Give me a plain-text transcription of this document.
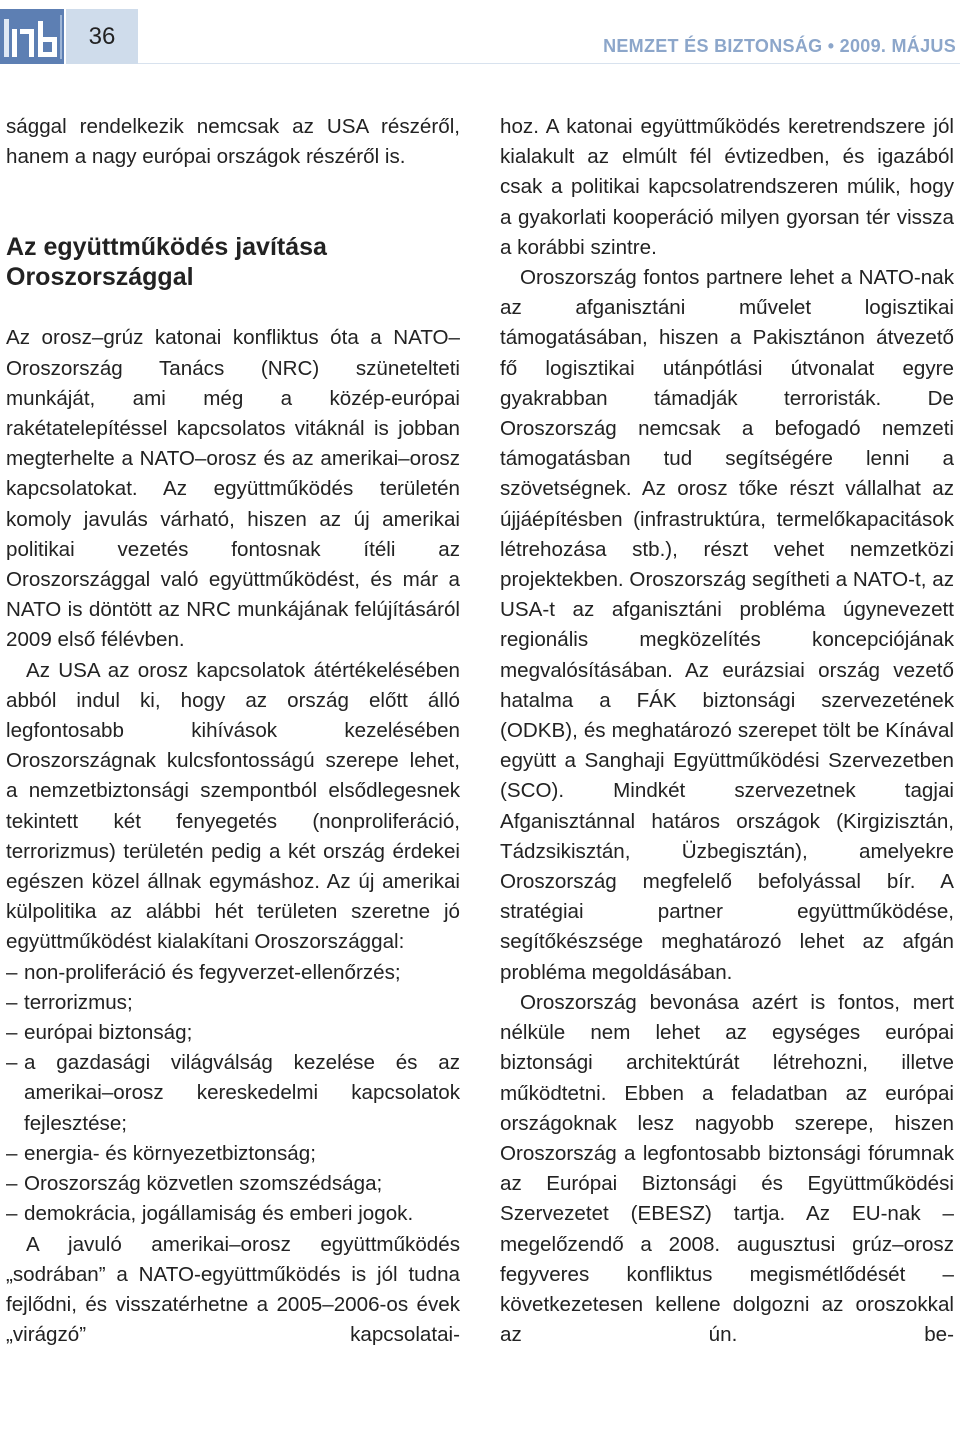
36	NEMZET ÉS BIZTONSÁG • 2009. MÁJUS

sággal rendelkezik nemcsak az USA részéről, hanem a nagy európai országok részéről is.

Az együttműködés javítása
Oroszországgal

Az orosz–grúz katonai konfliktus óta a NATO–Oroszország Tanács (NRC) szünetelteti munkáját, ami még a közép-európai rakétatelepítéssel kapcsolatos vitáknál is jobban megterhelte a NATO–orosz és az amerikai–orosz kapcsolatokat. Az együttműködés területén komoly javulás várható, hiszen az új amerikai politikai vezetés fontosnak ítéli az Oroszországgal való együttműködést, és már a NATO is döntött az NRC munkájának felújításáról 2009 első félévben.

Az USA az orosz kapcsolatok átértékelésében abból indul ki, hogy az ország előtt álló legfontosabb kihívások kezelésében Oroszországnak kulcsfontosságú szerepe lehet, a nemzetbiztonsági szempontból elsődlegesnek tekintett két fenyegetés (nonproliferáció, terrorizmus) területén pedig a két ország érdekei egészen közel állnak egymáshoz. Az új amerikai külpolitika az alábbi hét területen szeretne jó együttműködést kialakítani Oroszországgal:

– non-proliferáció és fegyverzet-ellenőrzés;
– terrorizmus;
– európai biztonság;
– a gazdasági világválság kezelése és az amerikai–orosz kereskedelmi kapcsolatok fejlesztése;
– energia- és környezetbiztonság;
– Oroszország közvetlen szomszédsága;
– demokrácia, jogállamiság és emberi jogok.

A javuló amerikai–orosz együttműködés „sodrában” a NATO-együttműködés is jól tudna fejlődni, és visszatérhetne a 2005–2006-os évek „virágzó” kapcsolatai-

hoz. A katonai együttműködés keretrendszere jól kialakult az elmúlt fél évtizedben, és igazából csak a politikai kapcsolatrendszeren múlik, hogy a gyakorlati kooperáció milyen gyorsan tér vissza a korábbi szintre.

Oroszország fontos partnere lehet a NATO-nak az afganisztáni művelet logisztikai támogatásában, hiszen a Pakisztánon átvezető fő logisztikai utánpótlási útvonalat egyre gyakrabban támadják terroristák. De Oroszország nemcsak a befogadó nemzeti támogatásban tud segítségére lenni a szövetségnek. Az orosz tőke részt vállalhat az újjáépítésben (infrastruktúra, termelőkapacitások létrehozása stb.), részt vehet nemzetközi projektekben. Oroszország segítheti a NATO-t, az USA-t az afganisztáni probléma úgynevezett regionális megközelítés koncepciójának megvalósításában. Az eurázsiai ország vezető hatalma a FÁK biztonsági szervezetének (ODKB), és meghatározó szerepet tölt be Kínával együtt a Sanghaji Együttműködési Szervezetben (SCO). Mindkét szervezetnek tagjai Afganisztánnal határos országok (Kirgizisztán, Tádzsikisztán, Üzbegisztán), amelyekre Oroszország megfelelő befolyással bír. A stratégiai partner együttműködése, segítőkészsége meghatározó lehet az afgán probléma megoldásában.

Oroszország bevonása azért is fontos, mert nélküle nem lehet az egységes európai biztonsági architektúrát létrehozni, illetve működtetni. Ebben a feladatban az európai országoknak lesz nagyobb szerepe, hiszen Oroszország a legfontosabb biztonsági fórumnak az Európai Biztonsági és Együttműködési Szervezetet (EBESZ) tartja. Az EU-nak – megelőzendő a 2008. augusztusi grúz–orosz fegyveres konfliktus megismétlődését – következetesen kellene dolgozni az oroszokkal az ún. be-
